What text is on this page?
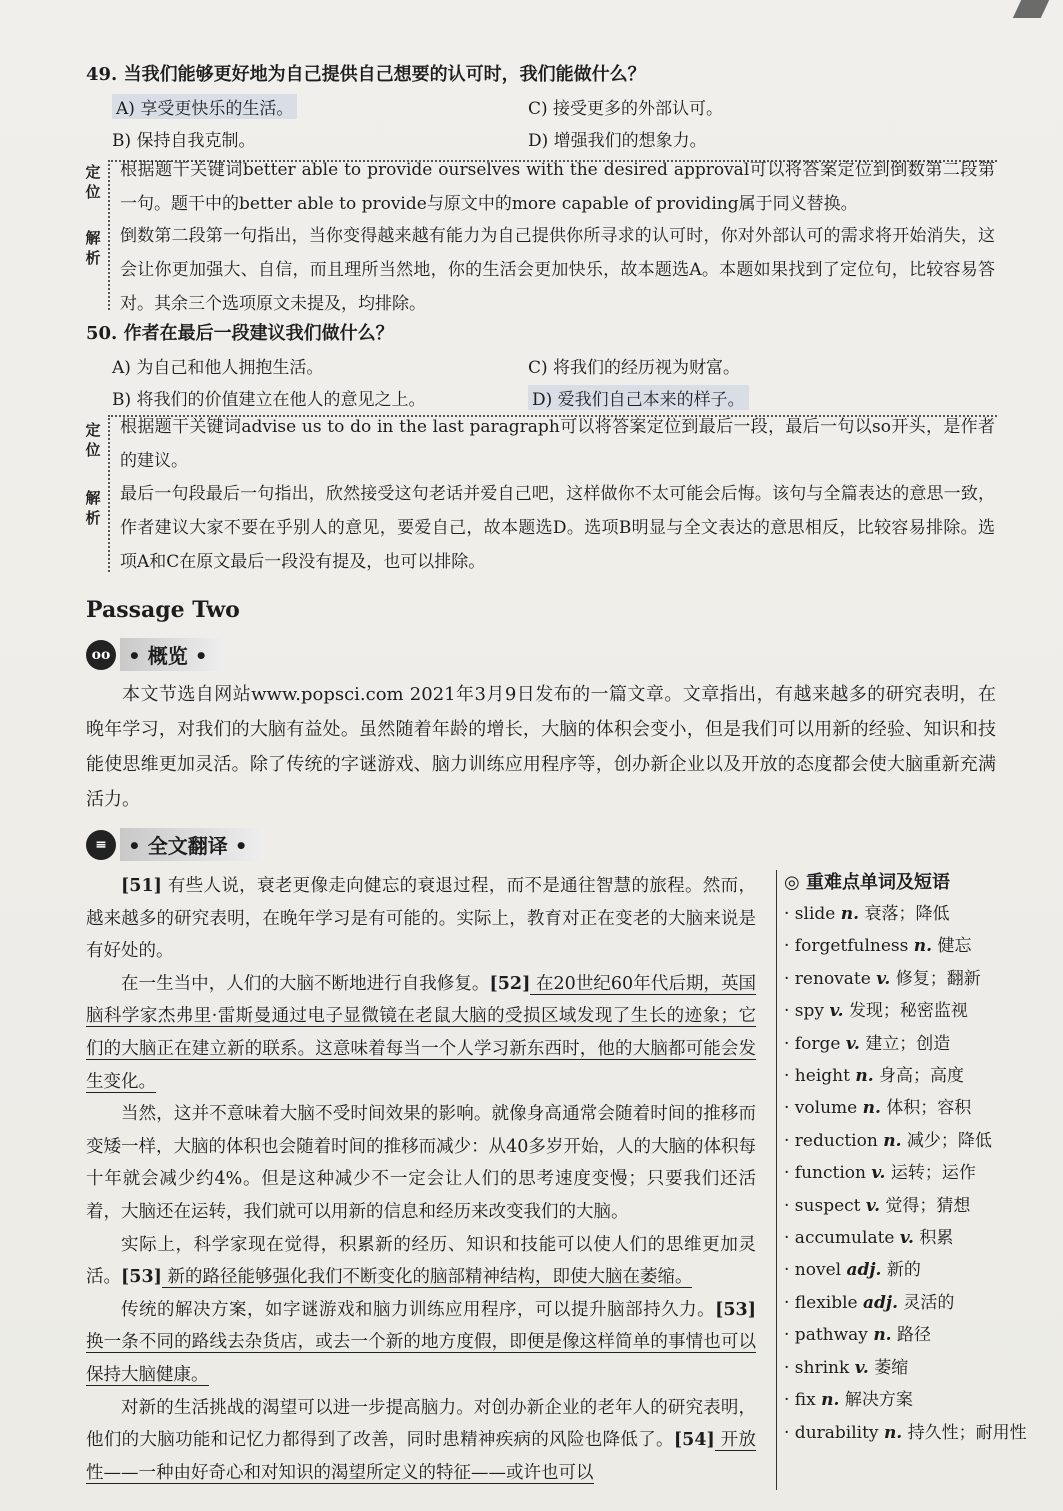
49. 当我们能够更好地为自己提供自己想要的认可时，我们能做什么？
A) 享受更快乐的生活。
B) 保持自我克制。
C) 接受更多的外部认可。
D) 增强我们的想象力。
定位
根据题干关键词better able to provide ourselves with the desired approval可以将答案定位到倒数第二段第一句。题干中的better able to provide与原文中的more capable of providing属于同义替换。
解析
倒数第二段第一句指出，当你变得越来越有能力为自己提供你所寻求的认可时，你对外部认可的需求将开始消失，这会让你更加强大、自信，而且理所当然地，你的生活会更加快乐，故本题选A。本题如果找到了定位句，比较容易答对。其余三个选项原文未提及，均排除。
50. 作者在最后一段建议我们做什么？
A) 为自己和他人拥抱生活。
B) 将我们的价值建立在他人的意见之上。
C) 将我们的经历视为财富。
D) 爱我们自己本来的样子。
定位
根据题干关键词advise us to do in the last paragraph可以将答案定位到最后一段，最后一句以so开头，是作者的建议。
解析
最后一句段最后一句指出，欣然接受这句老话并爱自己吧，这样做你不太可能会后悔。该句与全篇表达的意思一致，作者建议大家不要在乎别人的意见，要爱自己，故本题选D。选项B明显与全文表达的意思相反，比较容易排除。选项A和C在原文最后一段没有提及，也可以排除。
Passage Two
oo • 概览 •
本文节选自网站www.popsci.com 2021年3月9日发布的一篇文章。文章指出，有越来越多的研究表明，在晚年学习，对我们的大脑有益处。虽然随着年龄的增长，大脑的体积会变小，但是我们可以用新的经验、知识和技能使思维更加灵活。除了传统的字谜游戏、脑力训练应用程序等，创办新企业以及开放的态度都会使大脑重新充满活力。
≡	• 全文翻译 •

[51] 有些人说，衰老更像走向健忘的衰退过程，而不是通往智慧的旅程。然而，越来越多的研究表明，在晚年学习是有可能的。实际上，教育对正在变老的大脑来说是有好处的。

在一生当中，人们的大脑不断地进行自我修复。[52] 在20世纪60年代后期，英国脑科学家杰弗里·雷斯曼通过电子显微镜在老鼠大脑的受损区域发现了生长的迹象；它们的大脑正在建立新的联系。这意味着每当一个人学习新东西时，他的大脑都可能会发生变化。

当然，这并不意味着大脑不受时间效果的影响。就像身高通常会随着时间的推移而变矮一样，大脑的体积也会随着时间的推移而减少：从40多岁开始，人的大脑的体积每十年就会减少约4%。但是这种减少不一定会让人们的思考速度变慢；只要我们还活着，大脑还在运转，我们就可以用新的信息和经历来改变我们的大脑。

实际上，科学家现在觉得，积累新的经历、知识和技能可以使人们的思维更加灵活。[53] 新的路径能够强化我们不断变化的脑部精神结构，即使大脑在萎缩。

传统的解决方案，如字谜游戏和脑力训练应用程序，可以提升脑部持久力。[53] 换一条不同的路线去杂货店，或去一个新的地方度假，即便是像这样简单的事情也可以保持大脑健康。

对新的生活挑战的渴望可以进一步提高脑力。对创办新企业的老年人的研究表明，他们的大脑功能和记忆力都得到了改善，同时患精神疾病的风险也降低了。[54] 开放性——一种由好奇心和对知识的渴望所定义的特征——或许也可以

◎ 重难点单词及短语
· slide n. 衰落；降低
· forgetfulness n. 健忘
· renovate v. 修复；翻新
· spy v. 发现；秘密监视
· forge v. 建立；创造
· height n. 身高；高度
· volume n. 体积；容积
· reduction n. 减少；降低
· function v. 运转；运作
· suspect v. 觉得；猜想
· accumulate v. 积累
· novel adj. 新的
· flexible adj. 灵活的
· pathway n. 路径
· shrink v. 萎缩
· fix n. 解决方案
· durability n. 持久性；耐用性
